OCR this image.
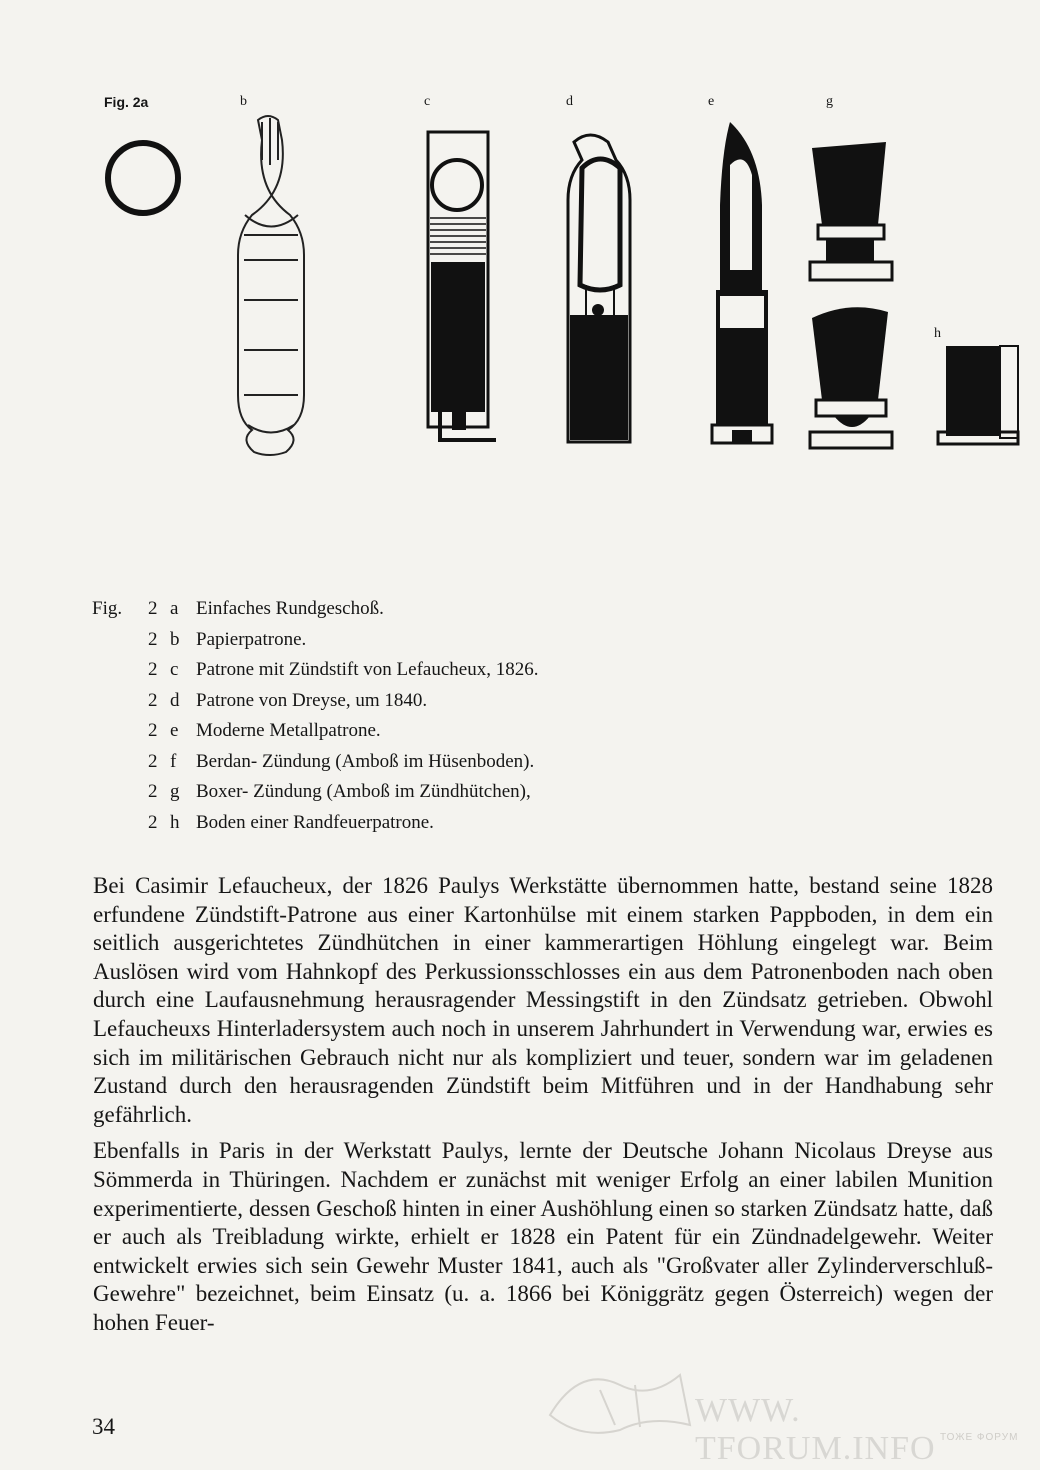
Fig. 2a	b	c	d	e	g
h
Fig.	2 a Einfaches Rundgeschoß.
2 b Papierpatrone.
2 c Patrone mit Zündstift von Lefaucheux, 1826.
2 d Patrone von Dreyse, um 1840.
2 e Moderne Metallpatrone.
2 f	Berdan- Zündung (Amboß im Hüsenboden).
2 g Boxer- Zündung (Amboß im Zündhütchen),
2 h Boden einer Randfeuerpatrone.

Bei Casimir Lefaucheux, der 1826 Paulys Werkstätte übernommen hatte, bestand seine 1828 erfundene Zündstift-Patrone aus einer Kartonhülse mit einem starken Pappboden, in dem ein seitlich ausgerichtetes Zündhütchen in einer kammerartigen Höhlung eingelegt war. Beim Auslösen wird vom Hahnkopf des Perkussionsschlosses ein aus dem Patronenboden nach oben durch eine Laufausnehmung herausragender Messingstift in den Zündsatz getrieben. Obwohl Lefaucheuxs Hinterladersystem auch noch in unserem Jahrhundert in Verwendung war, erwies es sich im militärischen Gebrauch nicht nur als kompliziert und teuer, sondern war im geladenen Zustand durch den herausragenden Zündstift beim Mitführen und in der Handhabung sehr gefährlich.

Ebenfalls in Paris in der Werkstatt Paulys, lernte der Deutsche Johann Nicolaus Dreyse aus Sömmerda in Thüringen. Nachdem er zunächst mit weniger Erfolg an einer labilen Munition experimentierte, dessen Geschoß hinten in einer Aushöhlung einen so starken Zündsatz hatte, daß er auch als Treibladung wirkte, erhielt er 1828 ein Patent für ein Zündnadelgewehr. Weiter entwickelt erwies sich sein Gewehr Muster 1841, auch als "Großvater aller Zylinderverschluß-Gewehre" bezeichnet, beim Einsatz (u. a. 1866 bei Königgrätz gegen Österreich) wegen der hohen Feuer-

WWW. TFORUM.INFO ТОЖЕ ФОРУМ
34
